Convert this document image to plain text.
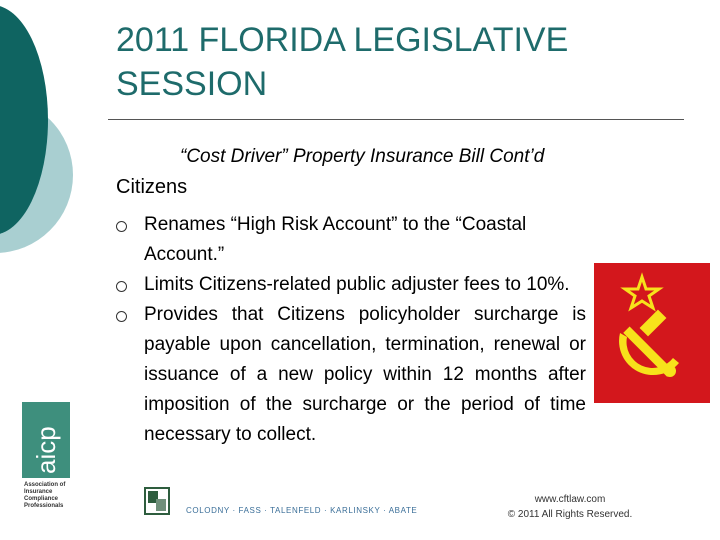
2011 FLORIDA LEGISLATIVE
SESSION
“Cost Driver” Property Insurance Bill Cont’d
Citizens
Renames “High Risk Account” to the “Coastal Account.”
Limits Citizens-related public adjuster fees to 10%.
Provides that Citizens policyholder surcharge is payable upon cancellation, termination, renewal or issuance of a new policy within 12 months after imposition of the surcharge or the period of time necessary to collect.
aicp
Association of Insurance Compliance Professionals	COLODNY · FASS · TALENFELD · KARLINSKY · ABATE
www.cftlaw.com
© 2011 All Rights Reserved.
